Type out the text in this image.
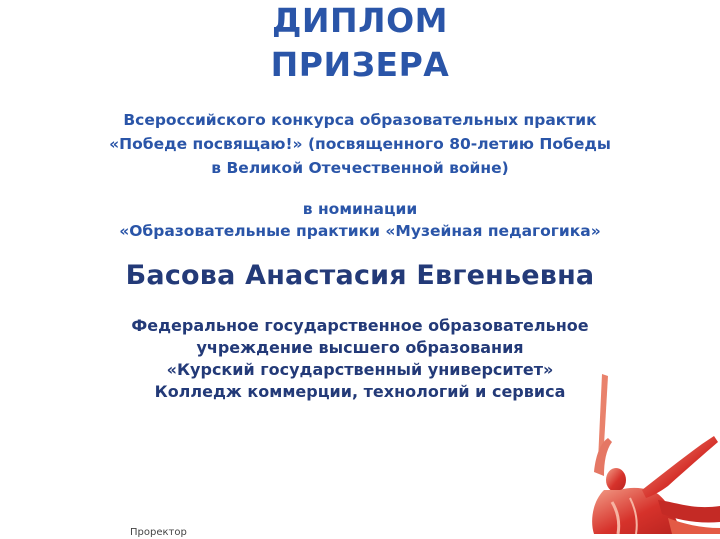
ДИПЛОМ
ПРИЗЕРА
Всероссийского конкурса образовательных практик
«Победе посвящаю!» (посвященного 80-летию Победы
в Великой Отечественной войне)
в номинации
«Образовательные практики «Музейная педагогика»
Басова Анастасия Евгеньевна
Федеральное государственное образовательное
учреждение высшего образования
«Курский государственный университет»
Колледж коммерции, технологий и сервиса
Проректор
